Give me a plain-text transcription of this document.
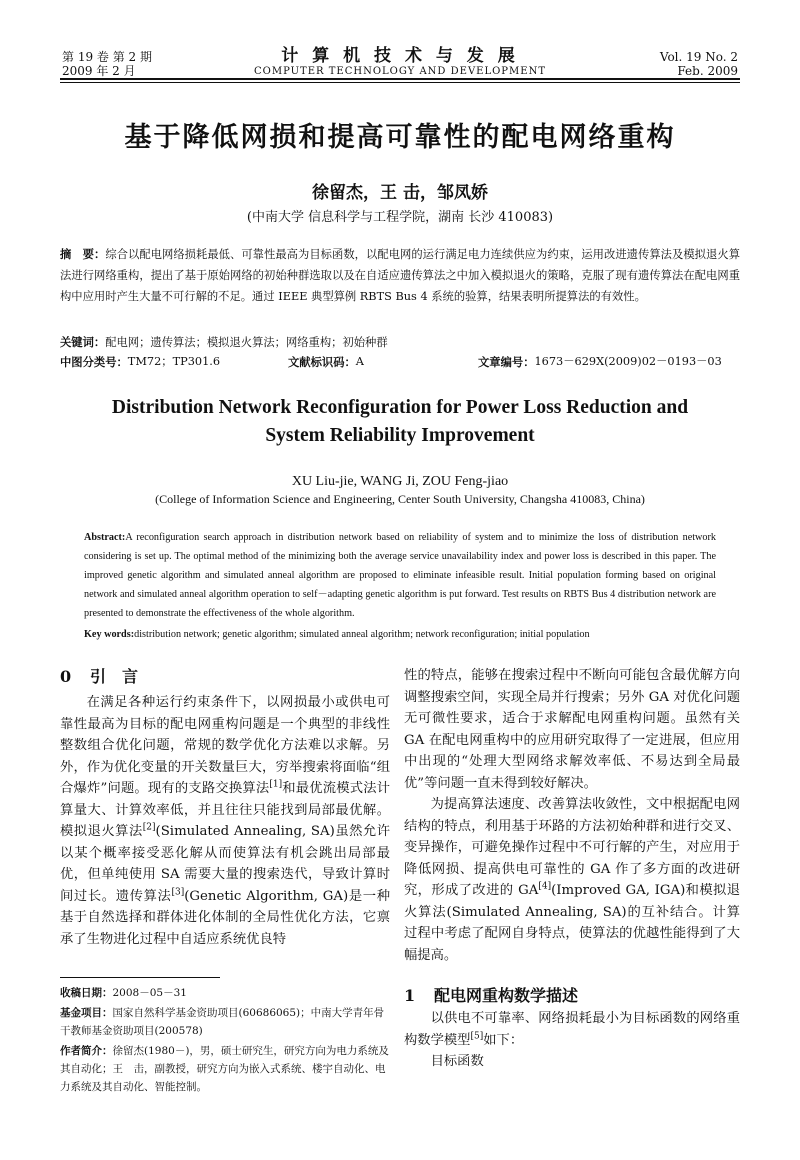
第 19 卷 第 2 期
2009 年 2 月
计 算 机 技 术 与 发 展
COMPUTER TECHNOLOGY AND DEVELOPMENT
Vol. 19 No. 2
Feb. 2009
基于降低网损和提高可靠性的配电网络重构
徐留杰，王 击，邹凤娇
(中南大学 信息科学与工程学院，湖南 长沙 410083)
摘　要：综合以配电网络损耗最低、可靠性最高为目标函数，以配电网的运行满足电力连续供应为约束，运用改进遗传算法及模拟退火算法进行网络重构，提出了基于原始网络的初始种群选取以及在自适应遗传算法之中加入模拟退火的策略，克服了现有遗传算法在配电网重构中应用时产生大量不可行解的不足。通过 IEEE 典型算例 RBTS Bus 4 系统的验算，结果表明所提算法的有效性。
关键词：配电网；遗传算法；模拟退火算法；网络重构；初始种群
中图分类号： TM72；TP301.6	文献标识码： A	文章编号： 1673－629X(2009)02－0193－03
Distribution Network Reconfiguration for Power Loss Reduction and
System Reliability Improvement
XU Liu-jie, WANG Ji, ZOU Feng-jiao
(College of Information Science and Engineering, Center South University, Changsha 410083, China)
Abstract:A reconfiguration search approach in distribution network based on reliability of system and to minimize the loss of distribution network considering is set up. The optimal method of the minimizing both the average service unavailability index and power loss is described in this paper. The improved genetic algorithm and simulated anneal algorithm are proposed to eliminate infeasible result. Initial population forming based on original network and simulated anneal algorithm operation to self－adapting genetic algorithm is put forward. Test results on RBTS Bus 4 distribution network are presented to demonstrate the effectiveness of the whole algorithm.
Key words:distribution network; genetic algorithm; simulated anneal algorithm; network reconfiguration; initial population

0 引　言

在满足各种运行约束条件下，以网损最小或供电可靠性最高为目标的配电网重构问题是一个典型的非线性整数组合优化问题，常规的数学优化方法难以求解。另外，作为优化变量的开关数量巨大，穷举搜索将面临“组合爆炸”问题。现有的支路交换算法[1]和最优流模式法计算量大、计算效率低，并且往往只能找到局部最优解。模拟退火算法[2](Simulated Annealing, SA)虽然允许以某个概率接受恶化解从而使算法有机会跳出局部最优，但单纯使用 SA 需要大量的搜索迭代，导致计算时间过长。遗传算法[3](Genetic Algorithm, GA)是一种基于自然选择和群体进化体制的全局性优化方法，它禀承了生物进化过程中自适应系统优良特

收稿日期：2008－05－31
基金项目：国家自然科学基金资助项目(60686065)；中南大学青年骨干教师基金资助项目(200578)
作者简介：徐留杰(1980－)，男，硕士研究生，研究方向为电力系统及其自动化；王　击，副教授，研究方向为嵌入式系统、楼宇自动化、电力系统及其自动化、智能控制。

性的特点，能够在搜索过程中不断向可能包含最优解方向调整搜索空间，实现全局并行搜索；另外 GA 对优化问题无可微性要求，适合于求解配电网重构问题。虽然有关 GA 在配电网重构中的应用研究取得了一定进展，但应用中出现的“处理大型网络求解效率低、不易达到全局最优”等问题一直未得到较好解决。

为提高算法速度、改善算法收敛性，文中根据配电网结构的特点，利用基于环路的方法初始种群和进行交叉、变异操作，可避免操作过程中不可行解的产生，对应用于降低网损、提高供电可靠性的 GA 作了多方面的改进研究，形成了改进的 GA[4](Improved GA, IGA)和模拟退火算法(Simulated Annealing, SA)的互补结合。计算过程中考虑了配网自身特点，使算法的优越性能得到了大幅提高。

1 配电网重构数学描述

以供电不可靠率、网络损耗最小为目标函数的网络重构数学模型[5]如下：

目标函数
